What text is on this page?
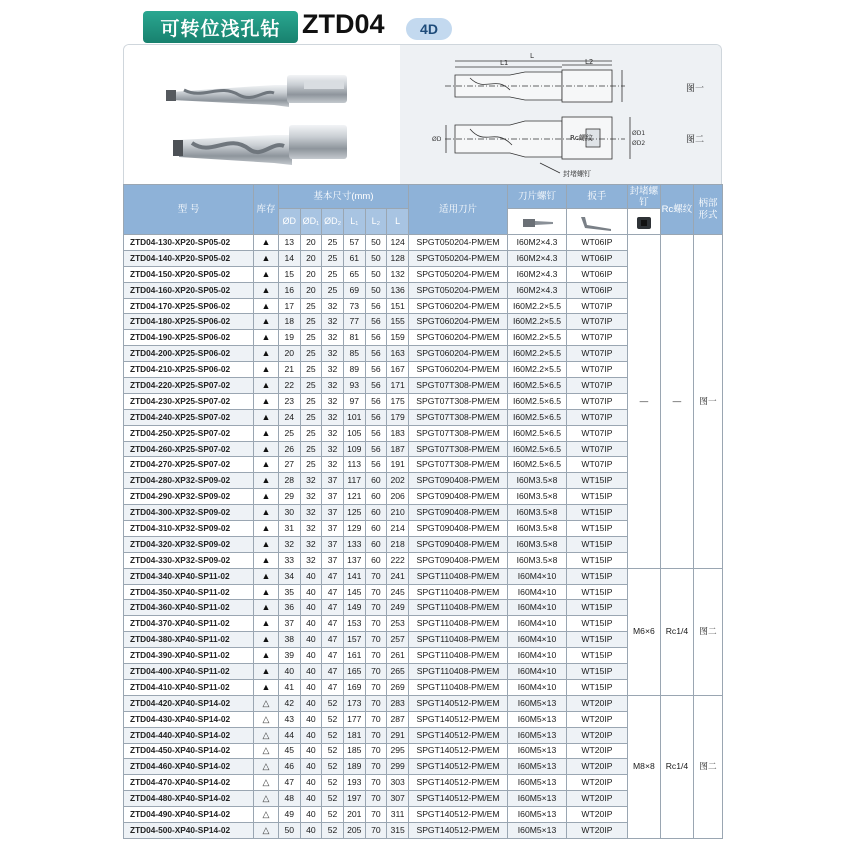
可转位浅孔钻 ZTD04	4D
L
L1	L2
ØD
ØD1
ØD2
图一
图二
Rc螺纹
封堵螺钉
型 号	库存	基本尺寸(mm)						适用刀片	刀片螺钉	扳手	封堵螺钉	Rc螺纹	柄部形式
		ØD	ØD₁	ØD₂	L₁	L₂	L	

ZTD04-130-XP20-SP05-02	▲	13	20	25	57	50	124	SPGT050204-PM/EM	I60M2×4.3	WT06IP	—	—	图一
ZTD04-140-XP20-SP05-02	▲	14	20	25	61	50	128	SPGT050204-PM/EM	I60M2×4.3	WT06IP			
ZTD04-150-XP20-SP05-02	▲	15	20	25	65	50	132	SPGT050204-PM/EM	I60M2×4.3	WT06IP			
ZTD04-160-XP20-SP05-02	▲	16	20	25	69	50	136	SPGT050204-PM/EM	I60M2×4.3	WT06IP			
ZTD04-170-XP25-SP06-02	▲	17	25	32	73	56	151	SPGT060204-PM/EM	I60M2.2×5.5	WT07IP			
ZTD04-180-XP25-SP06-02	▲	18	25	32	77	56	155	SPGT060204-PM/EM	I60M2.2×5.5	WT07IP			
ZTD04-190-XP25-SP06-02	▲	19	25	32	81	56	159	SPGT060204-PM/EM	I60M2.2×5.5	WT07IP			
ZTD04-200-XP25-SP06-02	▲	20	25	32	85	56	163	SPGT060204-PM/EM	I60M2.2×5.5	WT07IP			
ZTD04-210-XP25-SP06-02	▲	21	25	32	89	56	167	SPGT060204-PM/EM	I60M2.2×5.5	WT07IP			
ZTD04-220-XP25-SP07-02	▲	22	25	32	93	56	171	SPGT07T308-PM/EM	I60M2.5×6.5	WT07IP			
ZTD04-230-XP25-SP07-02	▲	23	25	32	97	56	175	SPGT07T308-PM/EM	I60M2.5×6.5	WT07IP			
ZTD04-240-XP25-SP07-02	▲	24	25	32	101	56	179	SPGT07T308-PM/EM	I60M2.5×6.5	WT07IP			
ZTD04-250-XP25-SP07-02	▲	25	25	32	105	56	183	SPGT07T308-PM/EM	I60M2.5×6.5	WT07IP			
ZTD04-260-XP25-SP07-02	▲	26	25	32	109	56	187	SPGT07T308-PM/EM	I60M2.5×6.5	WT07IP			
ZTD04-270-XP25-SP07-02	▲	27	25	32	113	56	191	SPGT07T308-PM/EM	I60M2.5×6.5	WT07IP			
ZTD04-280-XP32-SP09-02	▲	28	32	37	117	60	202	SPGT090408-PM/EM	I60M3.5×8	WT15IP			
ZTD04-290-XP32-SP09-02	▲	29	32	37	121	60	206	SPGT090408-PM/EM	I60M3.5×8	WT15IP			
ZTD04-300-XP32-SP09-02	▲	30	32	37	125	60	210	SPGT090408-PM/EM	I60M3.5×8	WT15IP			
ZTD04-310-XP32-SP09-02	▲	31	32	37	129	60	214	SPGT090408-PM/EM	I60M3.5×8	WT15IP			
ZTD04-320-XP32-SP09-02	▲	32	32	37	133	60	218	SPGT090408-PM/EM	I60M3.5×8	WT15IP			
ZTD04-330-XP32-SP09-02	▲	33	32	37	137	60	222	SPGT090408-PM/EM	I60M3.5×8	WT15IP			
ZTD04-340-XP40-SP11-02	▲	34	40	47	141	70	241	SPGT110408-PM/EM	I60M4×10	WT15IP	M6×6	Rc1/4	图二
ZTD04-350-XP40-SP11-02	▲	35	40	47	145	70	245	SPGT110408-PM/EM	I60M4×10	WT15IP			
ZTD04-360-XP40-SP11-02	▲	36	40	47	149	70	249	SPGT110408-PM/EM	I60M4×10	WT15IP			
ZTD04-370-XP40-SP11-02	▲	37	40	47	153	70	253	SPGT110408-PM/EM	I60M4×10	WT15IP			
ZTD04-380-XP40-SP11-02	▲	38	40	47	157	70	257	SPGT110408-PM/EM	I60M4×10	WT15IP			
ZTD04-390-XP40-SP11-02	▲	39	40	47	161	70	261	SPGT110408-PM/EM	I60M4×10	WT15IP			
ZTD04-400-XP40-SP11-02	▲	40	40	47	165	70	265	SPGT110408-PM/EM	I60M4×10	WT15IP			
ZTD04-410-XP40-SP11-02	▲	41	40	47	169	70	269	SPGT110408-PM/EM	I60M4×10	WT15IP			
ZTD04-420-XP40-SP14-02	△	42	40	52	173	70	283	SPGT140512-PM/EM	I60M5×13	WT20IP	M8×8	Rc1/4	图二
ZTD04-430-XP40-SP14-02	△	43	40	52	177	70	287	SPGT140512-PM/EM	I60M5×13	WT20IP			
ZTD04-440-XP40-SP14-02	△	44	40	52	181	70	291	SPGT140512-PM/EM	I60M5×13	WT20IP			
ZTD04-450-XP40-SP14-02	△	45	40	52	185	70	295	SPGT140512-PM/EM	I60M5×13	WT20IP			
ZTD04-460-XP40-SP14-02	△	46	40	52	189	70	299	SPGT140512-PM/EM	I60M5×13	WT20IP			
ZTD04-470-XP40-SP14-02	△	47	40	52	193	70	303	SPGT140512-PM/EM	I60M5×13	WT20IP			
ZTD04-480-XP40-SP14-02	△	48	40	52	197	70	307	SPGT140512-PM/EM	I60M5×13	WT20IP			
ZTD04-490-XP40-SP14-02	△	49	40	52	201	70	311	SPGT140512-PM/EM	I60M5×13	WT20IP			
ZTD04-500-XP40-SP14-02	△	50	40	52	205	70	315	SPGT140512-PM/EM	I60M5×13	WT20IP			
